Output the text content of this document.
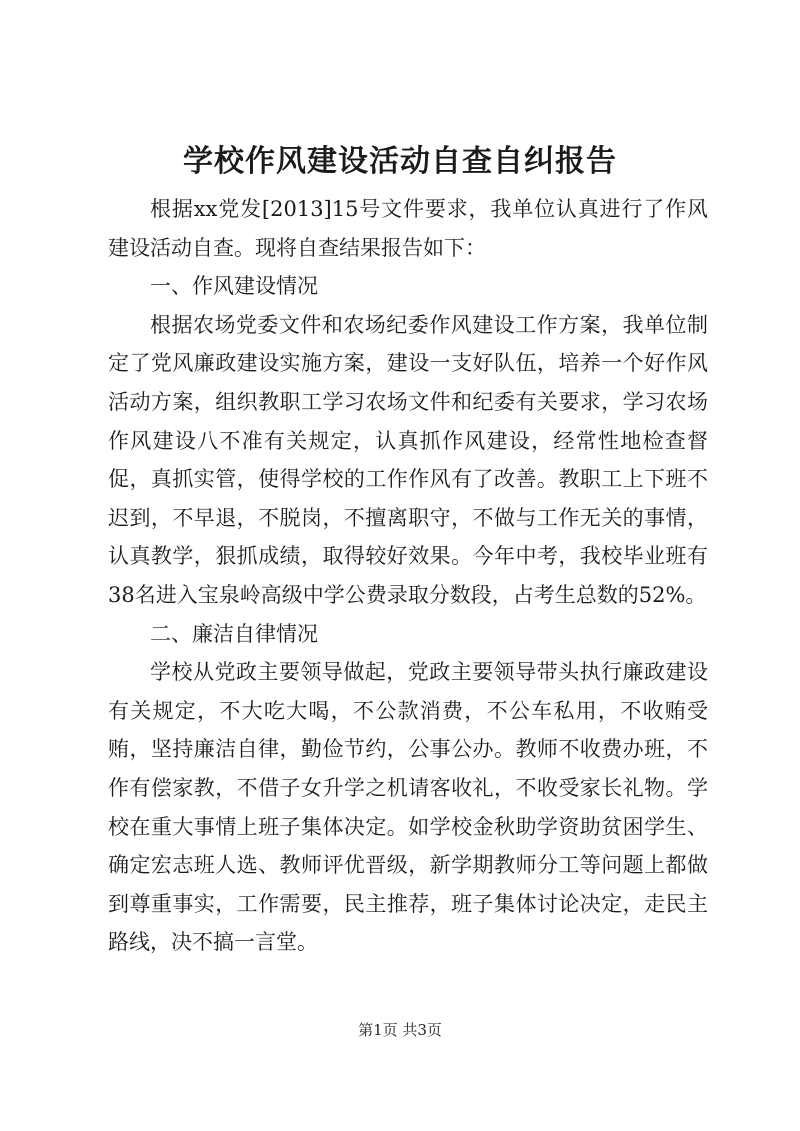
学校作风建设活动自查自纠报告

根据xx党发[2013]15号文件要求，我单位认真进行了作风建设活动自查。现将自查结果报告如下：

一、作风建设情况

根据农场党委文件和农场纪委作风建设工作方案，我单位制定了党风廉政建设实施方案，建设一支好队伍，培养一个好作风活动方案，组织教职工学习农场文件和纪委有关要求，学习农场作风建设八不准有关规定，认真抓作风建设，经常性地检查督促，真抓实管，使得学校的工作作风有了改善。教职工上下班不迟到，不早退，不脱岗，不擅离职守，不做与工作无关的事情，认真教学，狠抓成绩，取得较好效果。今年中考，我校毕业班有38名进入宝泉岭高级中学公费录取分数段，占考生总数的52%。

二、廉洁自律情况

学校从党政主要领导做起，党政主要领导带头执行廉政建设有关规定，不大吃大喝，不公款消费，不公车私用，不收贿受贿，坚持廉洁自律，勤俭节约，公事公办。教师不收费办班，不作有偿家教，不借子女升学之机请客收礼，不收受家长礼物。学校在重大事情上班子集体决定。如学校金秋助学资助贫困学生、确定宏志班人选、教师评优晋级，新学期教师分工等问题上都做到尊重事实，工作需要，民主推荐，班子集体讨论决定，走民主路线，决不搞一言堂。

第1页 共3页
